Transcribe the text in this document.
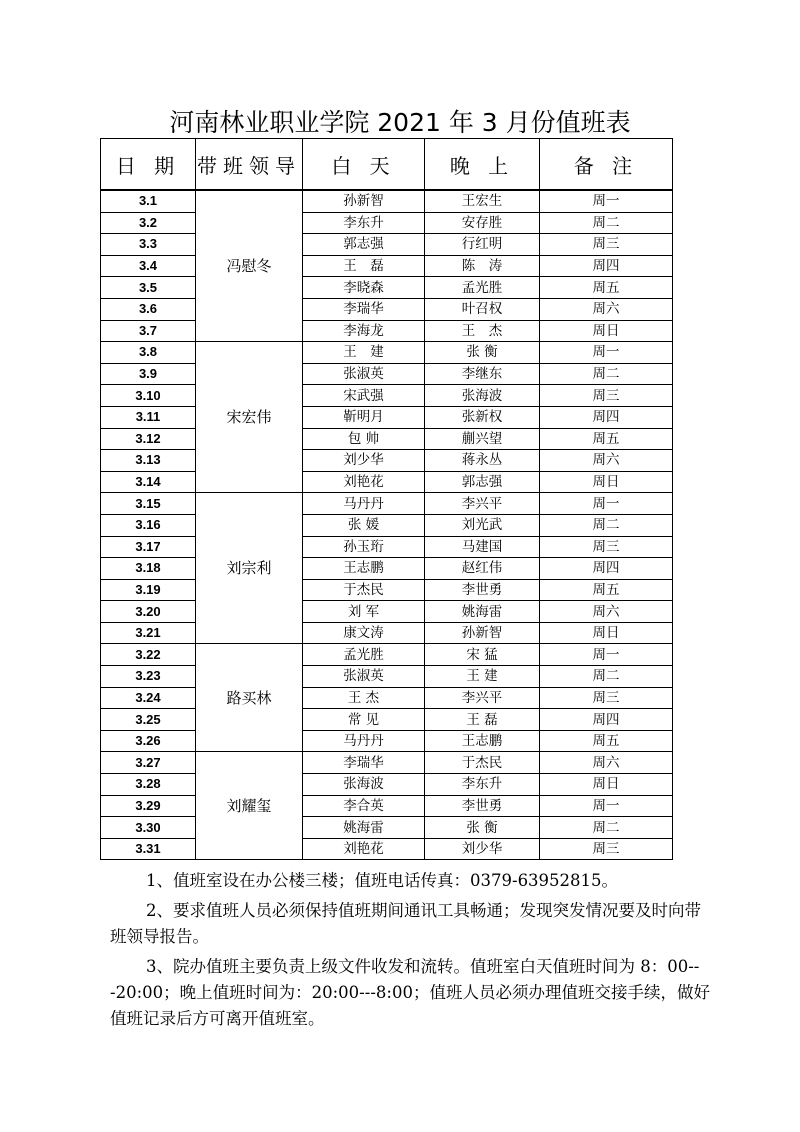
河南林业职业学院 2021 年 3 月份值班表
日 期	带班领导	白 天	晚 上	备 注
3.1	冯慰冬	孙新智	王宏生	周一
3.2		李东升	安存胜	周二
3.3		郭志强	行红明	周三
3.4		王　磊	陈　涛	周四
3.5		李晓森	孟光胜	周五
3.6		李瑞华	叶召权	周六
3.7		李海龙	王　杰	周日
3.8	宋宏伟	王　建	张 衡	周一
3.9		张淑英	李继东	周二
3.10		宋武强	张海波	周三
3.11		靳明月	张新权	周四
3.12		包 帅	蒯兴望	周五
3.13		刘少华	蒋永丛	周六
3.14		刘艳花	郭志强	周日
3.15	刘宗利	马丹丹	李兴平	周一
3.16		张 媛	刘光武	周二
3.17		孙玉珩	马建国	周三
3.18		王志鹏	赵红伟	周四
3.19		于杰民	李世勇	周五
3.20		刘 军	姚海雷	周六
3.21		康文涛	孙新智	周日
3.22	路买林	孟光胜	宋 猛	周一
3.23		张淑英	王 建	周二
3.24		王 杰	李兴平	周三
3.25		常 见	王 磊	周四
3.26		马丹丹	王志鹏	周五
3.27	刘耀玺	李瑞华	于杰民	周六
3.28		张海波	李东升	周日
3.29		李合英	李世勇	周一
3.30		姚海雷	张 衡	周二
3.31		刘艳花	刘少华	周三

1、值班室设在办公楼三楼；值班电话传真：0379-63952815。

2、要求值班人员必须保持值班期间通讯工具畅通；发现突发情况要及时向带班领导报告。

3、院办值班主要负责上级文件收发和流转。值班室白天值班时间为 8：00---20:00；晚上值班时间为：20:00---8:00；值班人员必须办理值班交接手续，做好值班记录后方可离开值班室。
